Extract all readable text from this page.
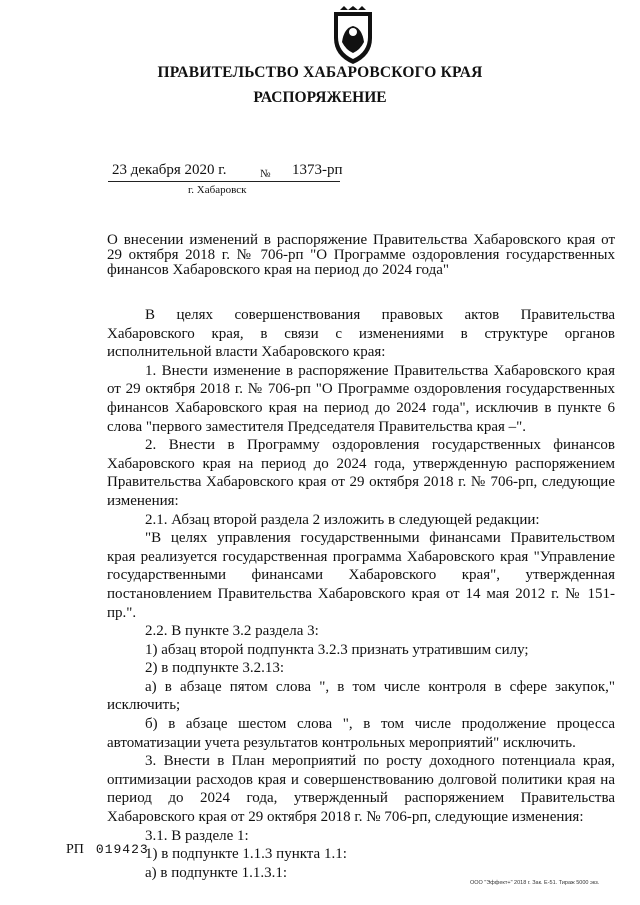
ПРАВИТЕЛЬСТВО ХАБАРОВСКОГО КРАЯ
РАСПОРЯЖЕНИЕ
23 декабря 2020 г.	№ 1373-рп
г. Хабаровск
О внесении изменений в распоряжение Правительства Хабаровского края от 29 октября 2018 г. № 706-рп "О Программе оздоровления государственных финансов Хабаровского края на период до 2024 года"

В целях совершенствования правовых актов Правительства Хабаровского края, в связи с изменениями в структуре органов исполнительной власти Хабаровского края:

1. Внести изменение в распоряжение Правительства Хабаровского края от 29 октября 2018 г. № 706-рп "О Программе оздоровления государственных финансов Хабаровского края на период до 2024 года", исключив в пункте 6 слова "первого заместителя Председателя Правительства края –".

2. Внести в Программу оздоровления государственных финансов Хабаровского края на период до 2024 года, утвержденную распоряжением Правительства Хабаровского края от 29 октября 2018 г. № 706-рп, следующие изменения:

2.1. Абзац второй раздела 2 изложить в следующей редакции:

"В целях управления государственными финансами Правительством края реализуется государственная программа Хабаровского края "Управление государственными финансами Хабаровского края", утвержденная постановлением Правительства Хабаровского края от 14 мая 2012 г. № 151-пр.".

2.2. В пункте 3.2 раздела 3:

1) абзац второй подпункта 3.2.3 признать утратившим силу;

2) в подпункте 3.2.13:

а) в абзаце пятом слова ", в том числе контроля в сфере закупок," исключить;

б) в абзаце шестом слова ", в том числе продолжение процесса автоматизации учета результатов контрольных мероприятий" исключить.

3. Внести в План мероприятий по росту доходного потенциала края, оптимизации расходов края и совершенствованию долговой политики края на период до 2024 года, утвержденный распоряжением Правительства Хабаровского края от 29 октября 2018 г. № 706-рп, следующие изменения:

3.1. В разделе 1:

1) в подпункте 1.1.3 пункта 1.1:

а) в подпункте 1.1.3.1:

РП 019423
ООО "Эффект+" 2018 г. Зак. Е-51. Тираж 5000 экз.
